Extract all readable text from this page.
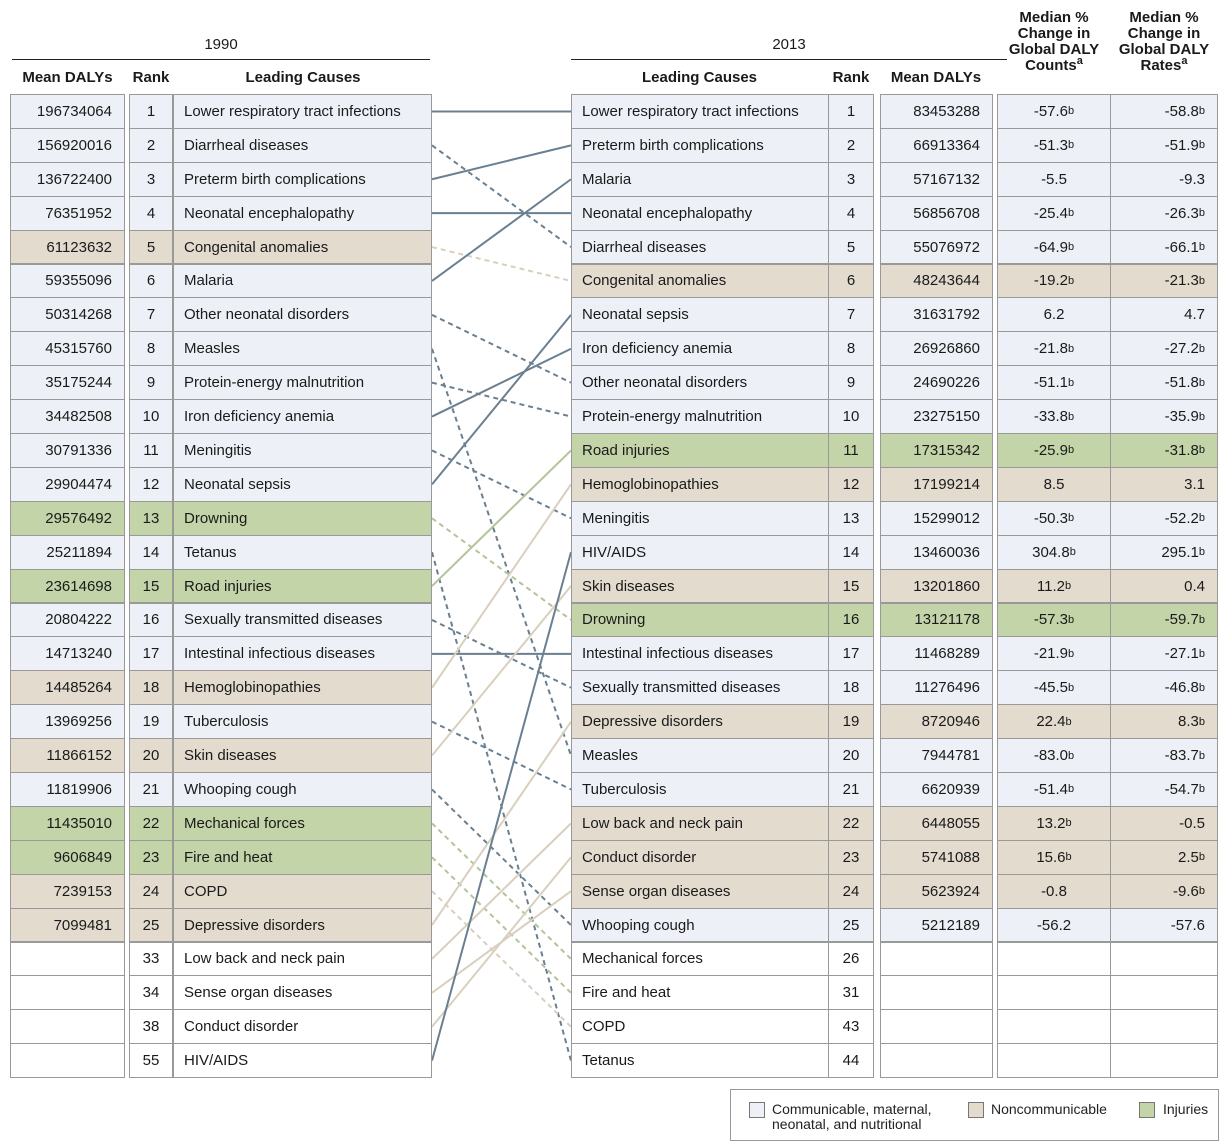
1990	2013
Mean DALYs	Rank	Leading Causes	Leading Causes	Rank	Mean DALYs
Median %
Change in
Global DALY
Counts$^a$
Median %
Change in
Global DALY
Rates$^a$
196734064 1 Lower respiratory tract infections
156920016 2 Diarrheal diseases
136722400 3 Preterm birth complications
76351952 4 Neonatal encephalopathy
61123632 5 Congenital anomalies
59355096 6 Malaria
50314268 7 Other neonatal disorders
45315760 8 Measles
35175244 9 Protein-energy malnutrition
34482508 10 Iron deficiency anemia
30791336 11 Meningitis
29904474 12 Neonatal sepsis
29576492 13 Drowning
25211894 14 Tetanus
23614698 15 Road injuries
20804222 16 Sexually transmitted diseases
14713240 17 Intestinal infectious diseases
14485264 18 Hemoglobinopathies
13969256 19 Tuberculosis
11866152 20 Skin diseases
11819906 21 Whooping cough
11435010 22 Mechanical forces
9606849 23 Fire and heat
7239153 24 COPD
7099481 25 Depressive disorders
33 Low back and neck pain
34 Sense organ diseases
38 Conduct disorder
55 HIV/AIDS
Lower respiratory tract infections	1	83453288	-57.6 b	-58.8 b
Preterm birth complications	2	66913364	-51.3 b	-51.9 b
Malaria	3	57167132	-5.5	-9.3
Neonatal encephalopathy	4	56856708	-25.4 b	-26.3 b
Diarrheal diseases	5	55076972	-64.9 b	-66.1 b
Congenital anomalies	6	48243644	-19.2 b	-21.3 b
Neonatal sepsis	7	31631792	6.2	4.7
Iron deficiency anemia	8	26926860	-21.8 b	-27.2 b
Other neonatal disorders	9	24690226	-51.1 b	-51.8 b
Protein-energy malnutrition	10	23275150	-33.8 b	-35.9 b
Road injuries	11	17315342	-25.9 b	-31.8 b
Hemoglobinopathies	12	17199214	8.5	3.1
Meningitis	13	15299012	-50.3 b	-52.2 b
HIV/AIDS	14	13460036	304.8 b	295.1 b
Skin diseases	15	13201860	11.2 b	0.4
Drowning	16	13121178	-57.3 b	-59.7 b
Intestinal infectious diseases	17	11468289	-21.9 b	-27.1 b
Sexually transmitted diseases	18	11276496	-45.5 b	-46.8 b
Depressive disorders	19	8720946	22.4 b	8.3 b
Measles	20	7944781	-83.0 b	-83.7 b
Tuberculosis	21	6620939	-51.4 b	-54.7 b
Low back and neck pain	22	6448055	13.2 b	-0.5
Conduct disorder	23	5741088	15.6 b	2.5 b
Sense organ diseases	24	5623924	-0.8	-9.6 b
Whooping cough	25	5212189	-56.2	-57.6
Mechanical forces	26
Fire and heat	31
COPD	43
Tetanus	44
Communicable, maternal,
neonatal, and nutritional
Noncommunicable	Injuries
